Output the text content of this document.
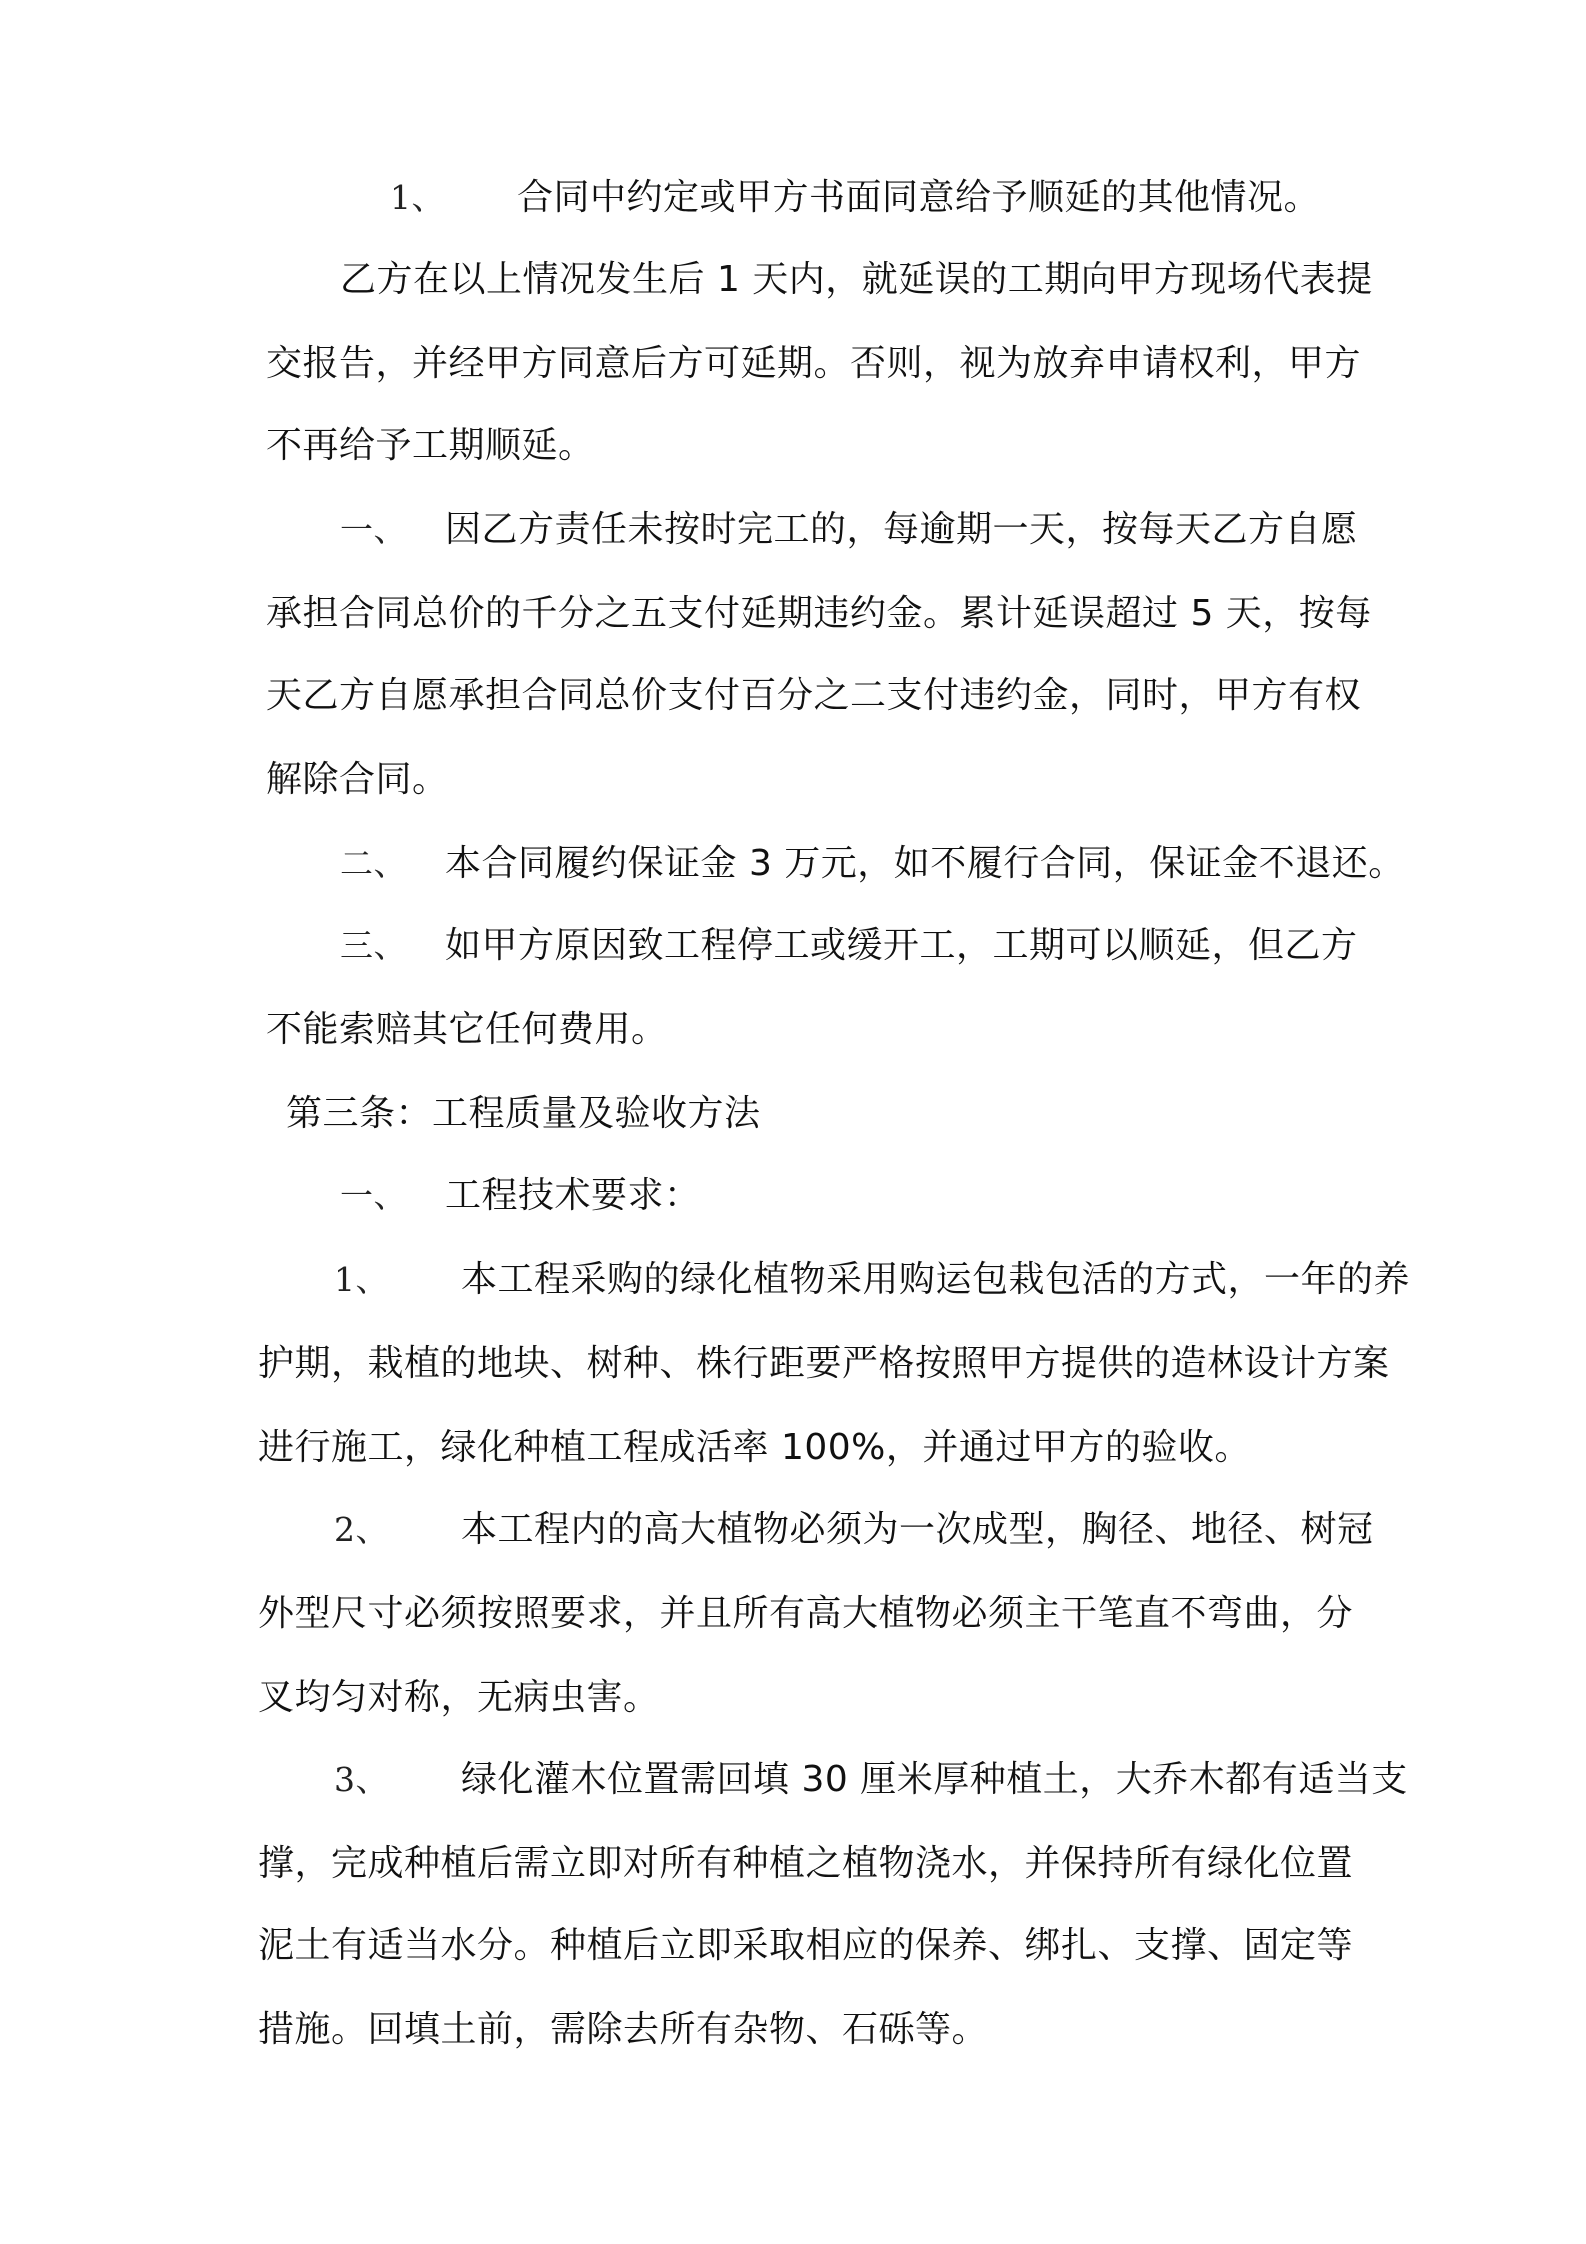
1、 合同中约定或甲方书面同意给予顺延的其他情况。
乙方在以上情况发生后 1 天内，就延误的工期向甲方现场代表提
交报告，并经甲方同意后方可延期。否则，视为放弃申请权利，甲方
不再给予工期顺延。
一、 因乙方责任未按时完工的，每逾期一天，按每天乙方自愿
承担合同总价的千分之五支付延期违约金。累计延误超过 5 天，按每
天乙方自愿承担合同总价支付百分之二支付违约金，同时，甲方有权
解除合同。
二、 本合同履约保证金 3 万元，如不履行合同，保证金不退还。
三、 如甲方原因致工程停工或缓开工，工期可以顺延，但乙方
不能索赔其它任何费用。
第三条：工程质量及验收方法
一、 工程技术要求：
1、 本工程采购的绿化植物采用购运包栽包活的方式，一年的养
护期，栽植的地块、树种、株行距要严格按照甲方提供的造林设计方案
进行施工，绿化种植工程成活率 100%，并通过甲方的验收。
2、 本工程内的高大植物必须为一次成型，胸径、地径、树冠
外型尺寸必须按照要求，并且所有高大植物必须主干笔直不弯曲，分
叉均匀对称，无病虫害。
3、 绿化灌木位置需回填 30 厘米厚种植土，大乔木都有适当支
撑，完成种植后需立即对所有种植之植物浇水，并保持所有绿化位置
泥土有适当水分。种植后立即采取相应的保养、绑扎、支撑、固定等
措施。回填土前，需除去所有杂物、石砾等。
